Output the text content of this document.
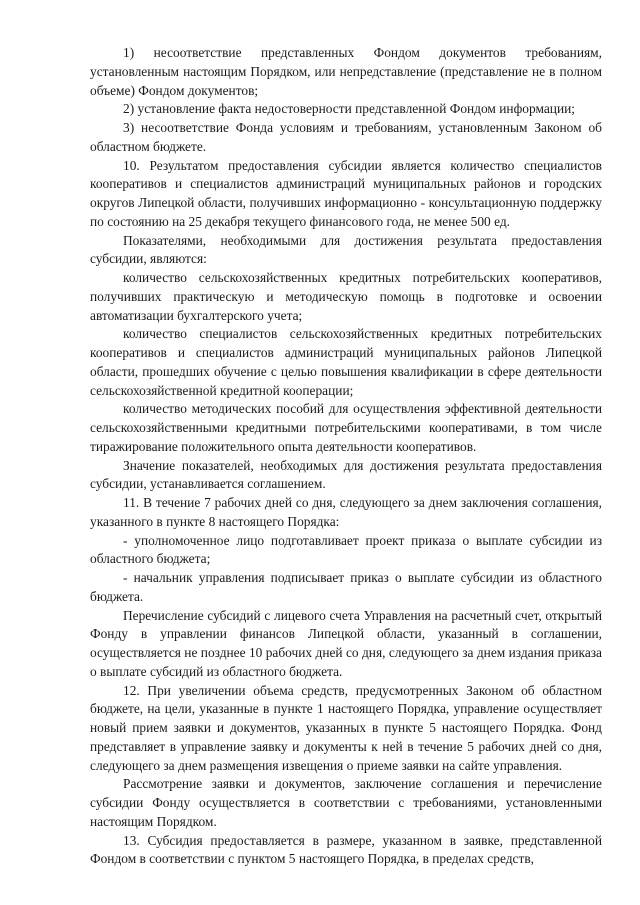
1) несоответствие представленных Фондом документов требованиям, установленным настоящим Порядком, или непредставление (представление не в полном объеме) Фондом документов;

2) установление факта недостоверности представленной Фондом информации;

3) несоответствие Фонда условиям и требованиям, установленным Законом об областном бюджете.

10. Результатом предоставления субсидии является количество специалистов кооперативов и специалистов администраций муниципальных районов и городских округов Липецкой области, получивших информационно - консультационную поддержку по состоянию на 25 декабря текущего финансового года, не менее 500 ед.

Показателями, необходимыми для достижения результата предоставления субсидии, являются:

количество сельскохозяйственных кредитных потребительских кооперативов, получивших практическую и методическую помощь в подготовке и освоении автоматизации бухгалтерского учета;

количество специалистов сельскохозяйственных кредитных потребительских кооперативов и специалистов администраций муниципальных районов Липецкой области, прошедших обучение с целью повышения квалификации в сфере деятельности сельскохозяйственной кредитной кооперации;

количество методических пособий для осуществления эффективной деятельности сельскохозяйственными кредитными потребительскими кооперативами, в том числе тиражирование положительного опыта деятельности кооперативов.

Значение показателей, необходимых для достижения результата предоставления субсидии, устанавливается соглашением.

11. В течение 7 рабочих дней со дня, следующего за днем заключения соглашения, указанного в пункте 8 настоящего Порядка:

- уполномоченное лицо подготавливает проект приказа о выплате субсидии из областного бюджета;

- начальник управления подписывает приказ о выплате субсидии из областного бюджета.

Перечисление субсидий с лицевого счета Управления на расчетный счет, открытый Фонду в управлении финансов Липецкой области, указанный в соглашении, осуществляется не позднее 10 рабочих дней со дня, следующего за днем издания приказа о выплате субсидий из областного бюджета.

12. При увеличении объема средств, предусмотренных Законом об областном бюджете, на цели, указанные в пункте 1 настоящего Порядка, управление осуществляет новый прием заявки и документов, указанных в пункте 5 настоящего Порядка. Фонд представляет в управление заявку и документы к ней в течение 5 рабочих дней со дня, следующего за днем размещения извещения о приеме заявки на сайте управления.

Рассмотрение заявки и документов, заключение соглашения и перечисление субсидии Фонду осуществляется в соответствии с требованиями, установленными настоящим Порядком.

13. Субсидия предоставляется в размере, указанном в заявке, представленной Фондом в соответствии с пунктом 5 настоящего Порядка, в пределах средств,
